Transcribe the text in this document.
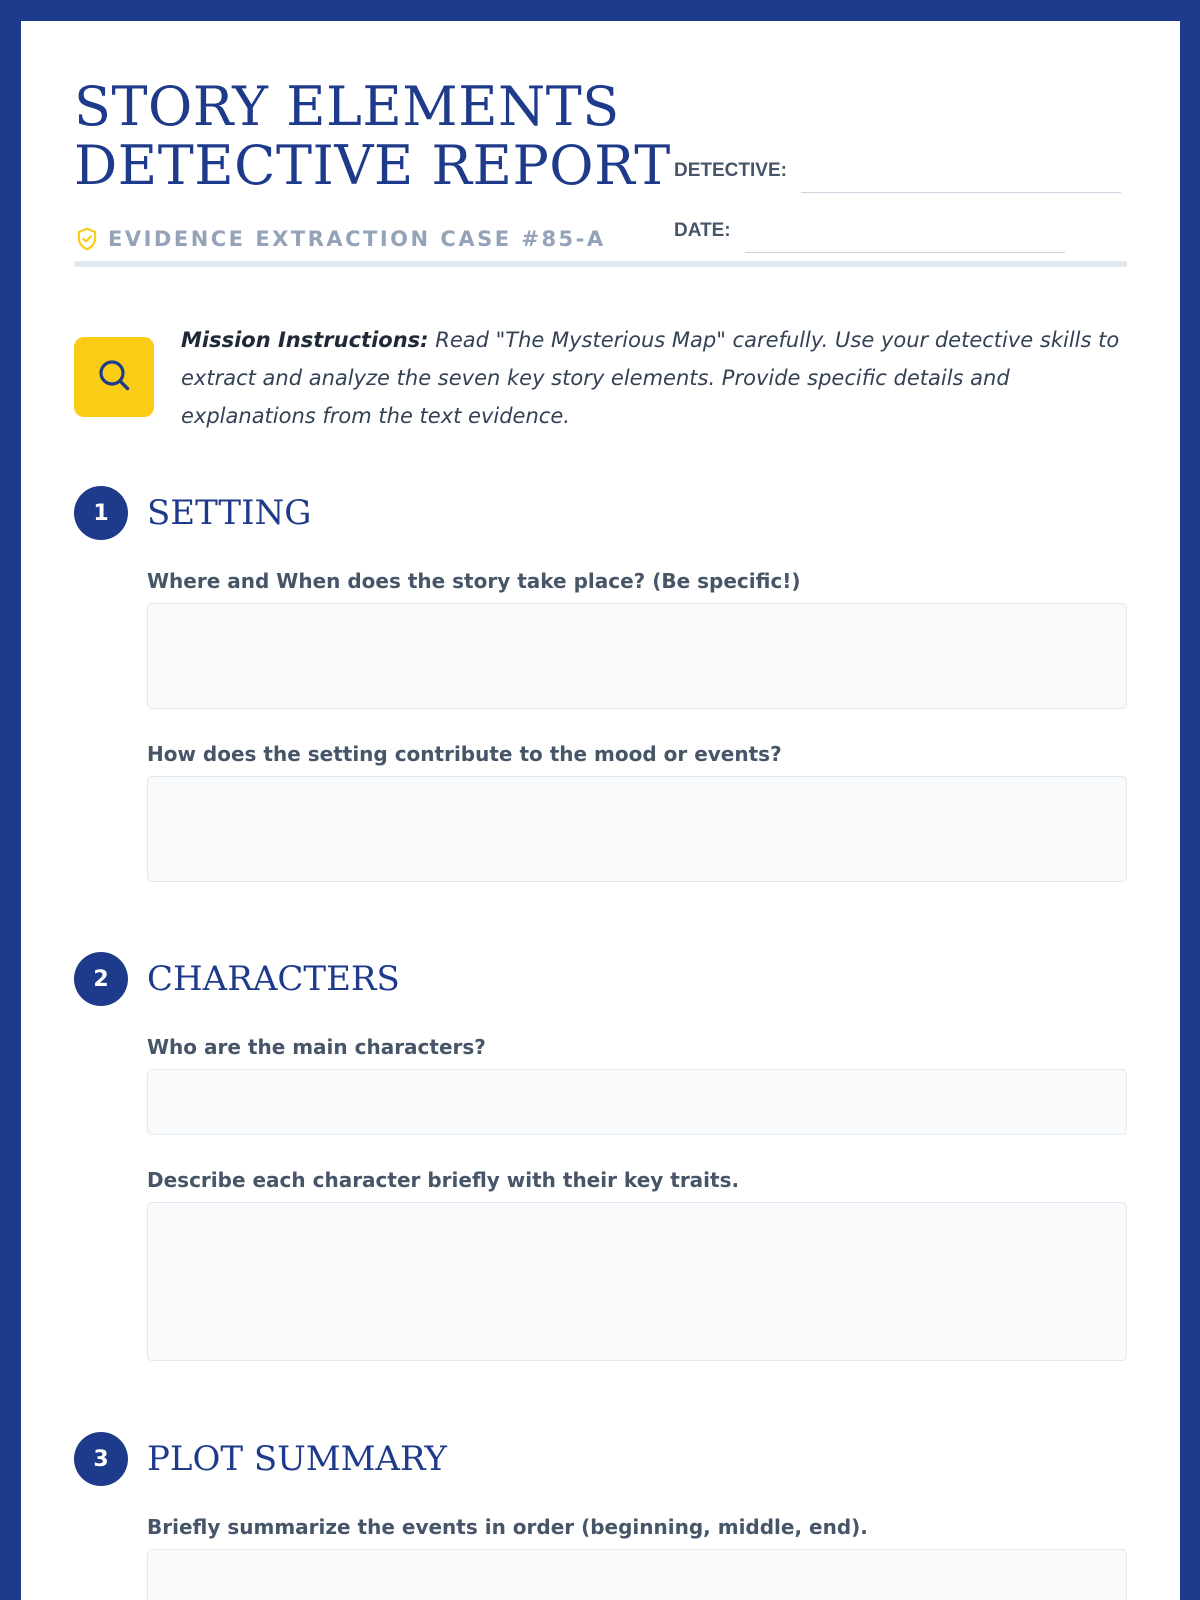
STORY ELEMENTS
DETECTIVE REPORT
EVIDENCE EXTRACTION CASE #85-A
DETECTIVE:
DATE:
Mission Instructions: Read "The Mysterious Map" carefully. Use your detective skills to extract and analyze the seven key story elements. Provide specific details and explanations from the text evidence.
1	SETTING
Where and When does the story take place? (Be specific!)
How does the setting contribute to the mood or events?
2	CHARACTERS
Who are the main characters?
Describe each character briefly with their key traits.
3	PLOT SUMMARY
Briefly summarize the events in order (beginning, middle, end).
